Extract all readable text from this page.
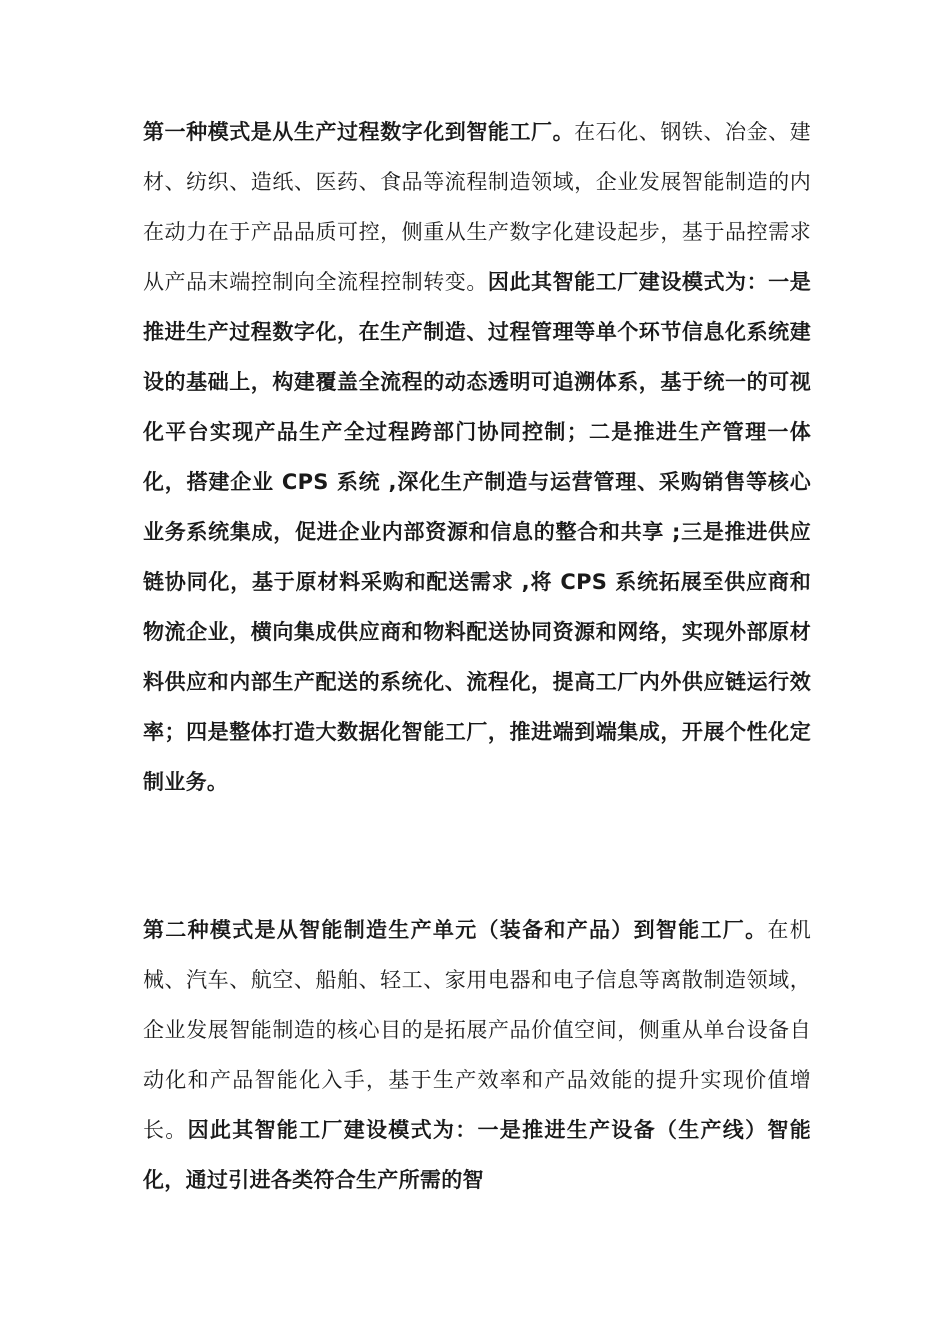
第一种模式是从生产过程数字化到智能工厂。在石化、钢铁、冶金、建材、纺织、造纸、医药、食品等流程制造领域，企业发展智能制造的内在动力在于产品品质可控，侧重从生产数字化建设起步，基于品控需求从产品末端控制向全流程控制转变。因此其智能工厂建设模式为：一是推进生产过程数字化，在生产制造、过程管理等单个环节信息化系统建设的基础上，构建覆盖全流程的动态透明可追溯体系，基于统一的可视化平台实现产品生产全过程跨部门协同控制；二是推进生产管理一体化，搭建企业 CPS 系统 ,深化生产制造与运营管理、采购销售等核心业务系统集成，促进企业内部资源和信息的整合和共享 ;三是推进供应链协同化，基于原材料采购和配送需求 ,将 CPS 系统拓展至供应商和物流企业，横向集成供应商和物料配送协同资源和网络，实现外部原材料供应和内部生产配送的系统化、流程化，提高工厂内外供应链运行效率；四是整体打造大数据化智能工厂，推进端到端集成，开展个性化定制业务。

第二种模式是从智能制造生产单元（装备和产品）到智能工厂。在机械、汽车、航空、船舶、轻工、家用电器和电子信息等离散制造领域，企业发展智能制造的核心目的是拓展产品价值空间，侧重从单台设备自动化和产品智能化入手，基于生产效率和产品效能的提升实现价值增长。因此其智能工厂建设模式为：一是推进生产设备（生产线）智能化，通过引进各类符合生产所需的智
